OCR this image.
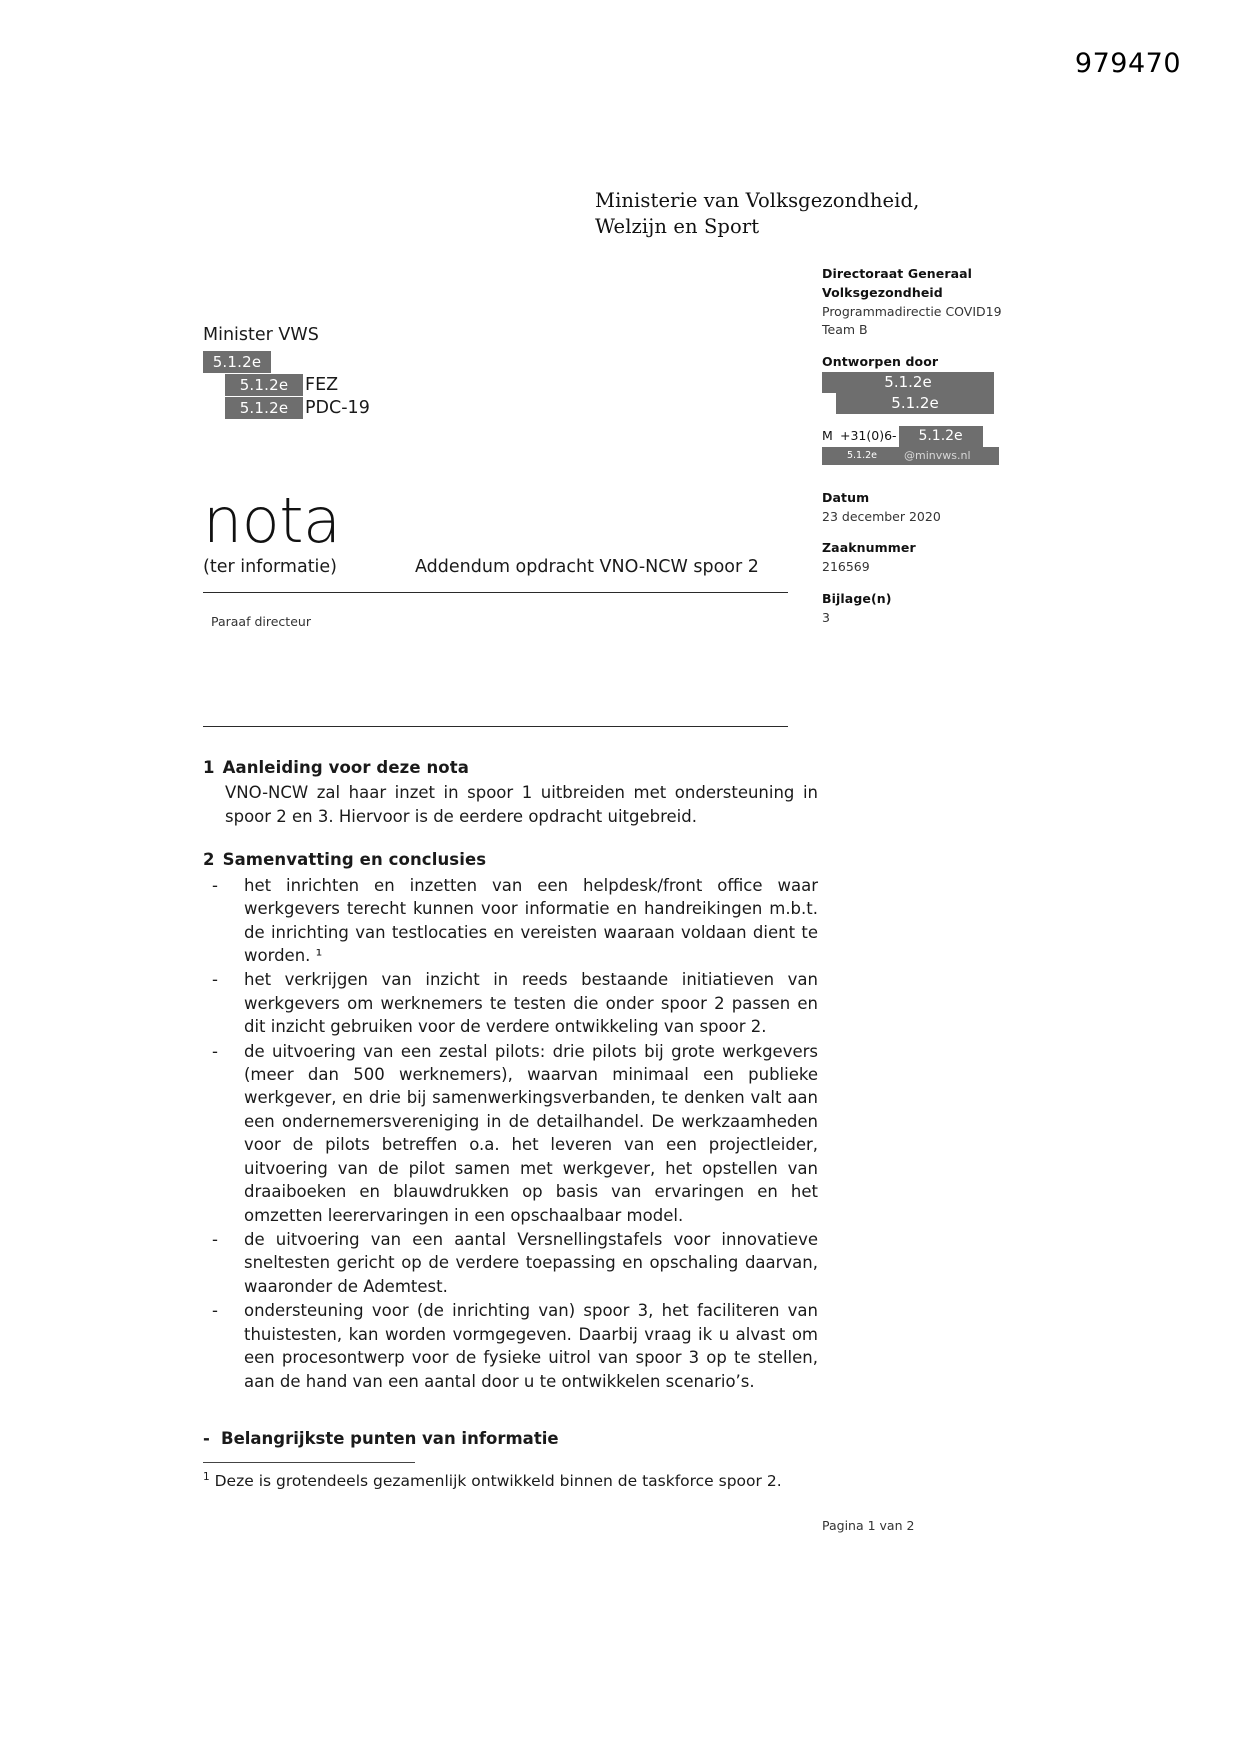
979470
Ministerie van Volksgezondheid,
Welzijn en Sport
Minister VWS
5.1.2e
5.1.2e FEZ
5.1.2e PDC-19
Directoraat Generaal
Volksgezondheid
Programmadirectie COVID19
Team B
Ontworpen door
5.1.2e
5.1.2e
M +31(0)6-	5.1.2e
5.1.2e	@minvws.nl
Datum
23 december 2020
Zaaknummer
216569
Bijlage(n)
3
nota
(ter informatie)	Addendum opdracht VNO-NCW spoor 2
Paraaf directeur
1 Aanleiding voor deze nota
VNO-NCW zal haar inzet in spoor 1 uitbreiden met ondersteuning in spoor 2 en 3. Hiervoor is de eerdere opdracht uitgebreid.
2 Samenvatting en conclusies
- het inrichten en inzetten van een helpdesk/front office waar werkgevers terecht kunnen voor informatie en handreikingen m.b.t. de inrichting van testlocaties en vereisten waaraan voldaan dient te worden. ¹
- het verkrijgen van inzicht in reeds bestaande initiatieven van werkgevers om werknemers te testen die onder spoor 2 passen en dit inzicht gebruiken voor de verdere ontwikkeling van spoor 2.
- de uitvoering van een zestal pilots: drie pilots bij grote werkgevers (meer dan 500 werknemers), waarvan minimaal een publieke werkgever, en drie bij samenwerkingsverbanden, te denken valt aan een ondernemersvereniging in de detailhandel. De werkzaamheden voor de pilots betreffen o.a. het leveren van een projectleider, uitvoering van de pilot samen met werkgever, het opstellen van draaiboeken en blauwdrukken op basis van ervaringen en het omzetten leerervaringen in een opschaalbaar model.
- de uitvoering van een aantal Versnellingstafels voor innovatieve sneltesten gericht op de verdere toepassing en opschaling daarvan, waaronder de Ademtest.
- ondersteuning voor (de inrichting van) spoor 3, het faciliteren van thuistesten, kan worden vormgegeven. Daarbij vraag ik u alvast om een procesontwerp voor de fysieke uitrol van spoor 3 op te stellen, aan de hand van een aantal door u te ontwikkelen scenario’s.
- Belangrijkste punten van informatie
$^1$ Deze is grotendeels gezamenlijk ontwikkeld binnen de taskforce spoor 2.
Pagina 1 van 2
